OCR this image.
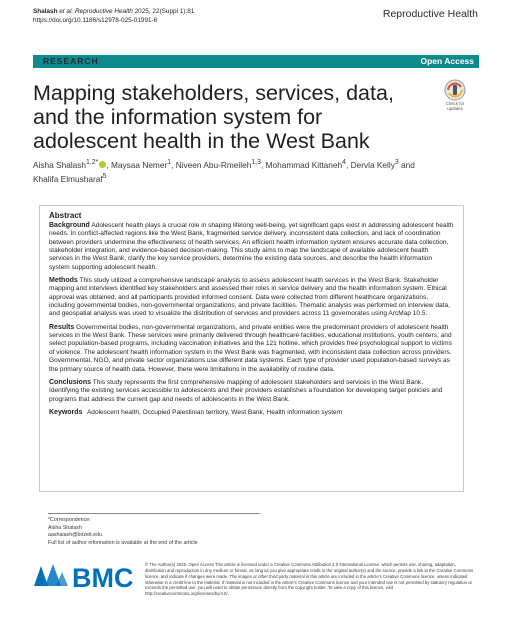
Shalash et al. Reproductive Health 2025, 22(Suppl 1):81
https://doi.org/10.1186/s12978-025-01991-6
Reproductive Health
RESEARCH	Open Access
Check for
updates
Mapping stakeholders, services, data, and the information system for adolescent health in the West Bank
Aisha Shalash$^{1,2*}$ , Maysaa Nemer$^1$, Niveen Abu-Rmeileh$^{1,3}$, Mohammad Kittaneh$^4$, Dervla Kelly$^3$ and
Khalifa Elmusharaf$^5$
Abstract

Background Adolescent health plays a crucial role in shaping lifelong well-being, yet significant gaps exist in addressing adolescent health needs. In conflict-affected regions like the West Bank, fragmented service delivery, inconsistent data collection, and lack of coordination between providers undermine the effectiveness of health services. An efficient health information system ensures accurate data collection, stakeholder integration, and evidence-based decision-making. This study aims to map the landscape of available adolescent health services in the West Bank, clarify the key service providers, determine the existing data sources, and describe the health information system supporting adolescent health.

Methods This study utilized a comprehensive landscape analysis to assess adolescent health services in the West Bank. Stakeholder mapping and interviews identified key stakeholders and assessed their roles in service delivery and the health information system. Ethical approval was obtained, and all participants provided informed consent. Data were collected from different healthcare organizations, including governmental bodies, non-governmental organizations, and private facilities. Thematic analysis was performed on interview data, and geospatial analysis was used to visualize the distribution of services and providers across 11 governorates using ArcMap 10.5.

Results Governmental bodies, non-governmental organizations, and private entities were the predominant providers of adolescent health services in the West Bank. These services were primarily delivered through healthcare facilities, educational institutions, youth centers, and select population-based programs, including vaccination initiatives and the 121 hotline, which provides free psychological support to victims of violence. The adolescent health information system in the West Bank was fragmented, with inconsistent data collection across providers. Governmental, NGO, and private sector organizations use different data systems. Each type of provider used population-based surveys as the primary source of health data. However, there were limitations in the availability of routine data.

Conclusions This study represents the first comprehensive mapping of adolescent stakeholders and services in the West Bank. Identifying the existing services accessible to adolescents and their providers establishes a foundation for developing target policies and programs that address the current gap and needs of adolescents in the West Bank.

Keywords Adolescent health, Occupied Palestinian territory, West Bank, Health information system

*Correspondence:
Aisha Shalash
aashalash@birzeit.edu
Full list of author information is available at the end of the article
BMC	© The Author(s) 2025. Open Access This article is licensed under a Creative Commons Attribution 4.0 International License, which permits use, sharing, adaptation, distribution and reproduction in any medium or format, as long as you give appropriate credit to the original author(s) and the source, provide a link to the Creative Commons licence, and indicate if changes were made. The images or other third party material in this article are included in the article's Creative Commons licence, unless indicated otherwise in a credit line to the material. If material is not included in the article's Creative Commons licence and your intended use is not permitted by statutory regulation or exceeds the permitted use, you will need to obtain permission directly from the copyright holder. To view a copy of this licence, visit http://creativecommons.org/licenses/by/4.0/.
